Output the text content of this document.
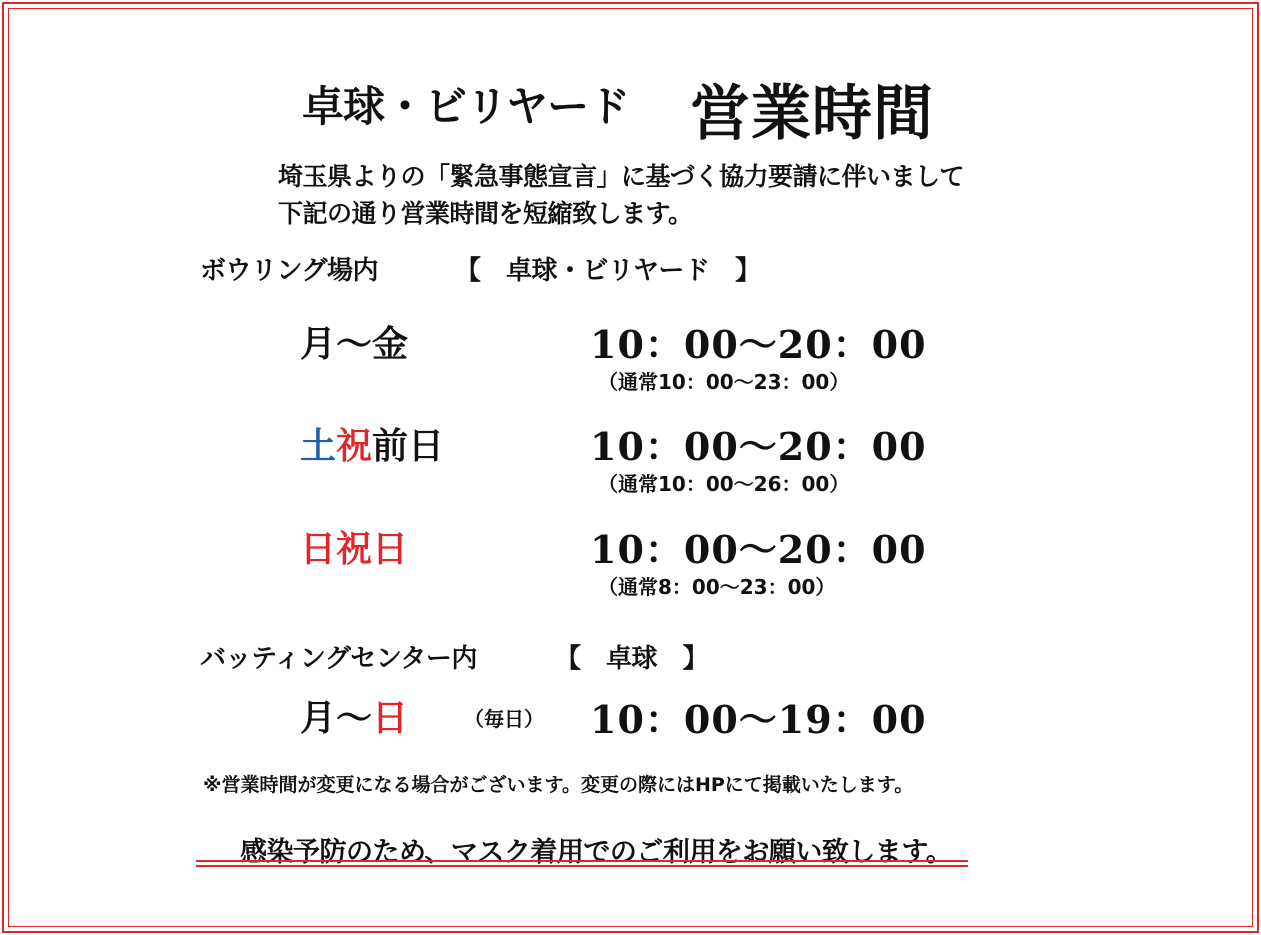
卓球・ビリヤード 営業時間
埼玉県よりの「緊急事態宣言」に基づく協力要請に伴いまして
下記の通り営業時間を短縮致します。
ボウリング場内	【　卓球・ビリヤード　】
月～金	10：00～20：00
（通常10：00～23：00）
土祝前日	10：00～20：00
（通常10：00～26：00）
日祝日	10：00～20：00
（通常8：00～23：00）
バッティングセンター内	【　卓球　】
月～日	（毎日） 10：00～19：00
※営業時間が変更になる場合がございます。変更の際にはHPにて掲載いたします。
感染予防のため、マスク着用でのご利用をお願い致します。
